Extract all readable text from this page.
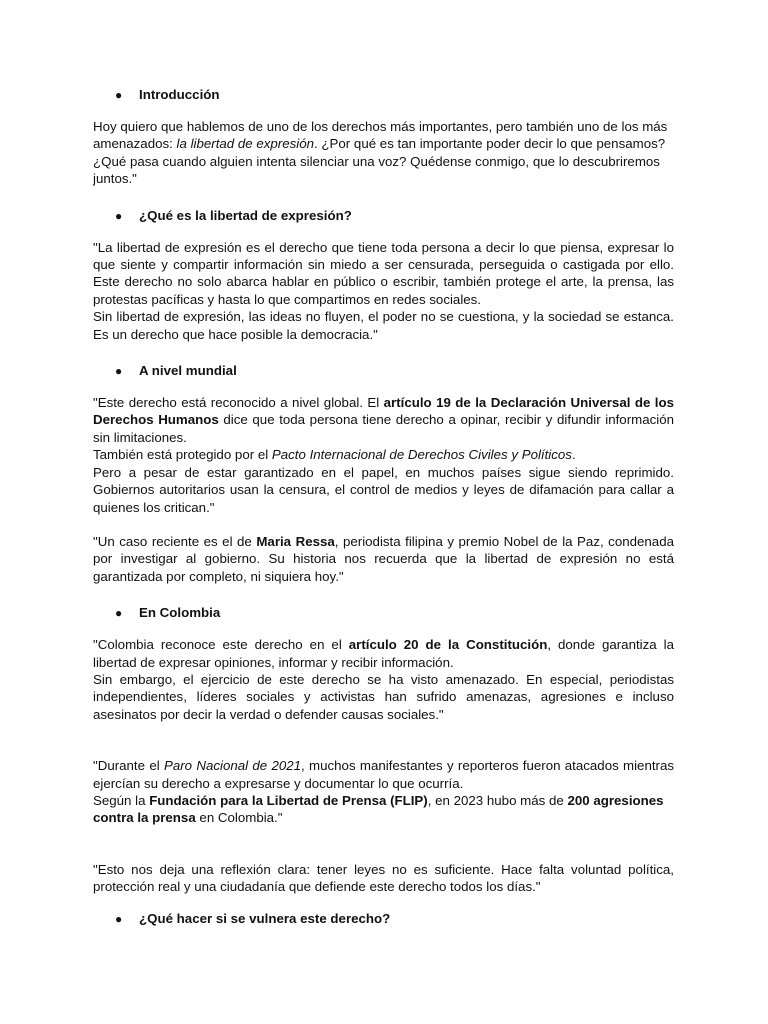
● Introducción

Hoy quiero que hablemos de uno de los derechos más importantes, pero también uno de los más amenazados: la libertad de expresión. ¿Por qué es tan importante poder decir lo que pensamos? ¿Qué pasa cuando alguien intenta silenciar una voz? Quédense conmigo, que lo descubriremos juntos."

● ¿Qué es la libertad de expresión?

"La libertad de expresión es el derecho que tiene toda persona a decir lo que piensa, expresar lo que siente y compartir información sin miedo a ser censurada, perseguida o castigada por ello. Este derecho no solo abarca hablar en público o escribir, también protege el arte, la prensa, las protestas pacíficas y hasta lo que compartimos en redes sociales.

Sin libertad de expresión, las ideas no fluyen, el poder no se cuestiona, y la sociedad se estanca. Es un derecho que hace posible la democracia."

● A nivel mundial

"Este derecho está reconocido a nivel global. El artículo 19 de la Declaración Universal de los Derechos Humanos dice que toda persona tiene derecho a opinar, recibir y difundir información sin limitaciones.

También está protegido por el Pacto Internacional de Derechos Civiles y Políticos.

Pero a pesar de estar garantizado en el papel, en muchos países sigue siendo reprimido. Gobiernos autoritarios usan la censura, el control de medios y leyes de difamación para callar a quienes los critican."

"Un caso reciente es el de Maria Ressa, periodista filipina y premio Nobel de la Paz, condenada por investigar al gobierno. Su historia nos recuerda que la libertad de expresión no está garantizada por completo, ni siquiera hoy."

● En Colombia

"Colombia reconoce este derecho en el artículo 20 de la Constitución, donde garantiza la libertad de expresar opiniones, informar y recibir información.

Sin embargo, el ejercicio de este derecho se ha visto amenazado. En especial, periodistas independientes, líderes sociales y activistas han sufrido amenazas, agresiones e incluso asesinatos por decir la verdad o defender causas sociales."

"Durante el Paro Nacional de 2021, muchos manifestantes y reporteros fueron atacados mientras ejercían su derecho a expresarse y documentar lo que ocurría.

Según la Fundación para la Libertad de Prensa (FLIP), en 2023 hubo más de 200 agresiones contra la prensa en Colombia."

"Esto nos deja una reflexión clara: tener leyes no es suficiente. Hace falta voluntad política, protección real y una ciudadanía que defiende este derecho todos los días."

● ¿Qué hacer si se vulnera este derecho?
